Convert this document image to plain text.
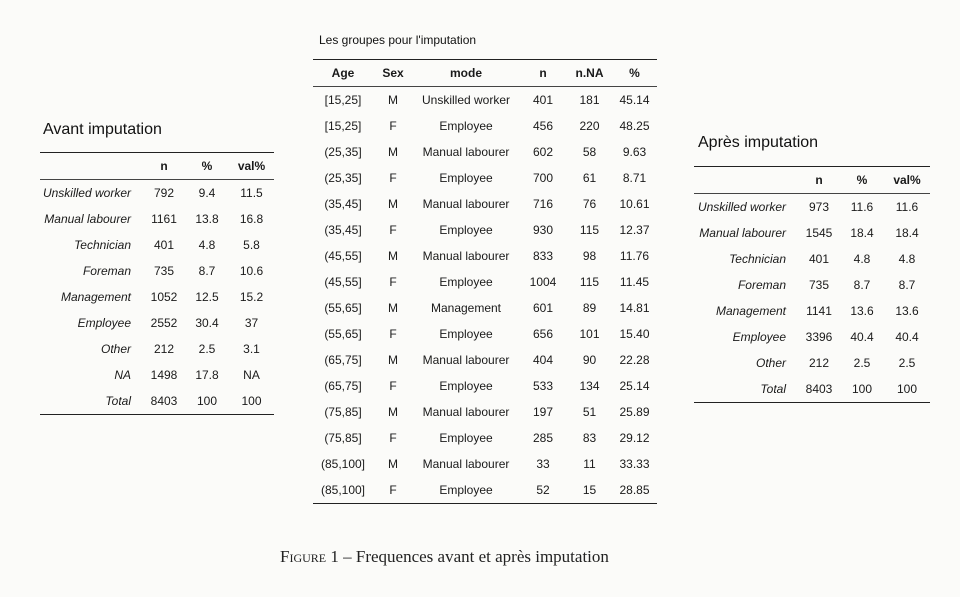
Avant imputation
	n	%	val%
Unskilled worker	792	9.4	11.5
Manual labourer	1161	13.8	16.8
Technician	401	4.8	5.8
Foreman	735	8.7	10.6
Management	1052	12.5	15.2
Employee	2552	30.4	37
Other	212	2.5	3.1
NA	1498	17.8	NA
Total	8403	100	100
Les groupes pour l'imputation
Age	Sex	mode	n	n.NA	%
[15,25]	M	Unskilled worker	401	181	45.14
[15,25]	F	Employee	456	220	48.25
(25,35]	M	Manual labourer	602	58	9.63
(25,35]	F	Employee	700	61	8.71
(35,45]	M	Manual labourer	716	76	10.61
(35,45]	F	Employee	930	115	12.37
(45,55]	M	Manual labourer	833	98	11.76
(45,55]	F	Employee	1004	115	11.45
(55,65]	M	Management	601	89	14.81
(55,65]	F	Employee	656	101	15.40
(65,75]	M	Manual labourer	404	90	22.28
(65,75]	F	Employee	533	134	25.14
(75,85]	M	Manual labourer	197	51	25.89
(75,85]	F	Employee	285	83	29.12
(85,100]	M	Manual labourer	33	11	33.33
(85,100]	F	Employee	52	15	28.85
Après imputation
	n	%	val%
Unskilled worker	973	11.6	11.6
Manual labourer	1545	18.4	18.4
Technician	401	4.8	4.8
Foreman	735	8.7	8.7
Management	1141	13.6	13.6
Employee	3396	40.4	40.4
Other	212	2.5	2.5
Total	8403	100	100
Figure 1 – Frequences avant et après imputation
